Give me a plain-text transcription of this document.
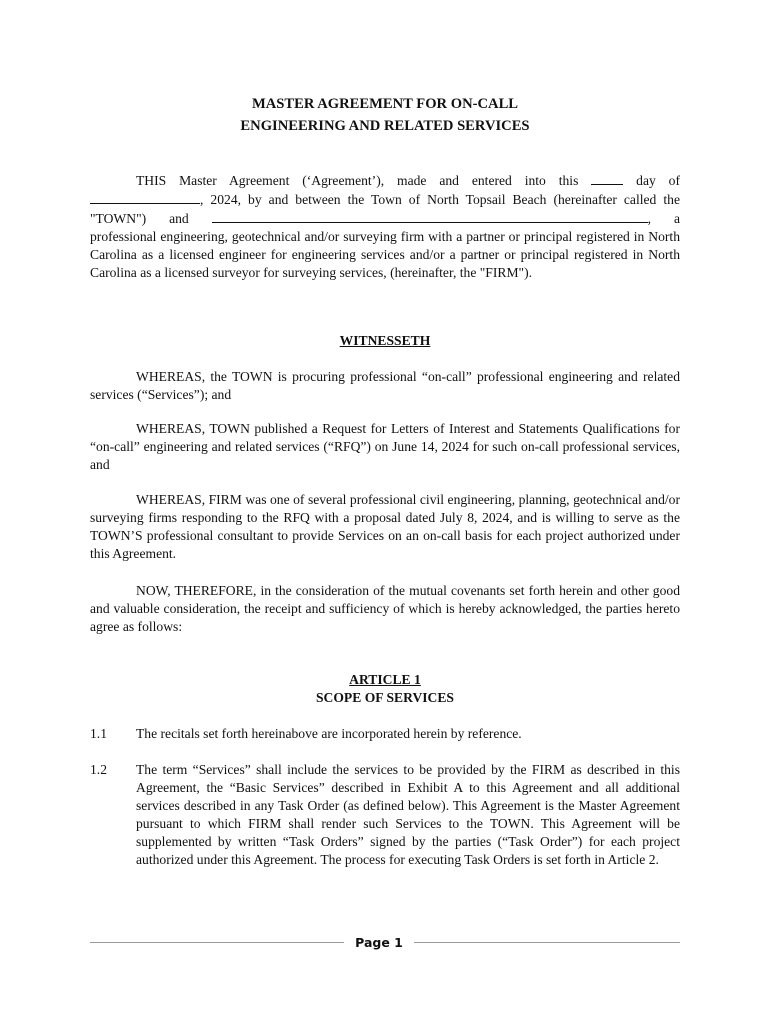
MASTER AGREEMENT FOR ON-CALL
ENGINEERING AND RELATED SERVICES

THIS Master Agreement (‘Agreement’), made and entered into this	day of , 2024, by and between the Town of North Topsail Beach (hereinafter called the "TOWN") and	, a professional engineering, geotechnical and/or surveying firm with a partner or principal registered in North Carolina as a licensed engineer for engineering services and/or a partner or principal registered in North Carolina as a licensed surveyor for surveying services, (hereinafter, the "FIRM").

WITNESSETH

WHEREAS, the TOWN is procuring professional “on-call” professional engineering and related services (“Services”); and

WHEREAS, TOWN published a Request for Letters of Interest and Statements Qualifications for “on-call” engineering and related services (“RFQ”) on June 14, 2024 for such on-call professional services, and

WHEREAS, FIRM was one of several professional civil engineering, planning, geotechnical and/or surveying firms responding to the RFQ with a proposal dated July 8, 2024, and is willing to serve as the TOWN’S professional consultant to provide Services on an on-call basis for each project authorized under this Agreement.

NOW, THEREFORE, in the consideration of the mutual covenants set forth herein and other good and valuable consideration, the receipt and sufficiency of which is hereby acknowledged, the parties hereto agree as follows:

ARTICLE 1
SCOPE OF SERVICES
1.1	The recitals set forth hereinabove are incorporated herein by reference.
1.2	The term “Services” shall include the services to be provided by the FIRM as described in this Agreement, the “Basic Services” described in Exhibit A to this Agreement and all additional services described in any Task Order (as defined below). This Agreement is the Master Agreement pursuant to which FIRM shall render such Services to the TOWN. This Agreement will be supplemented by written “Task Orders” signed by the parties (“Task Order”) for each project authorized under this Agreement. The process for executing Task Orders is set forth in Article 2.
Page 1
